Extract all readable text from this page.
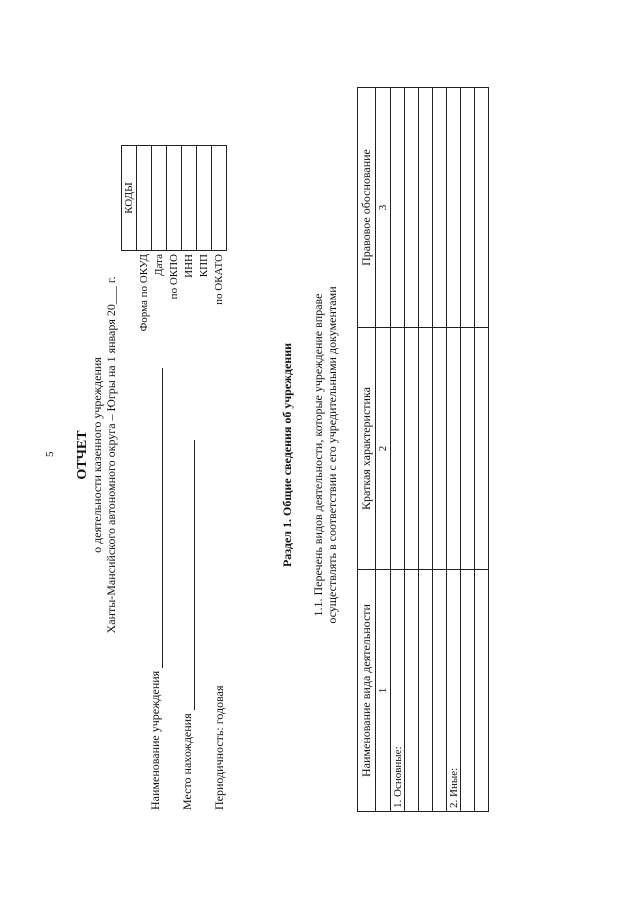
5 ОТЧЕТ о деятельности казенного учреждения Ханты-Мансийского автономного округа – Югры на 1 января 20___ г.
Наименование учреждения Место нахождения Периодичность: годовая
	КОДЫ
Форма по ОКУД	
Дата	
по ОКПО	
ИНН	
КПП	
по ОКАТО	
Раздел 1. Общие сведения об учреждении 1.1. Перечень видов деятельности, которые учреждение вправе осуществлять в соответствии с его учредительными документами
Наименование вида деятельности	Краткая характеристика	Правовое обоснование
1	2	3
1. Основные:		

2. Иные:		
